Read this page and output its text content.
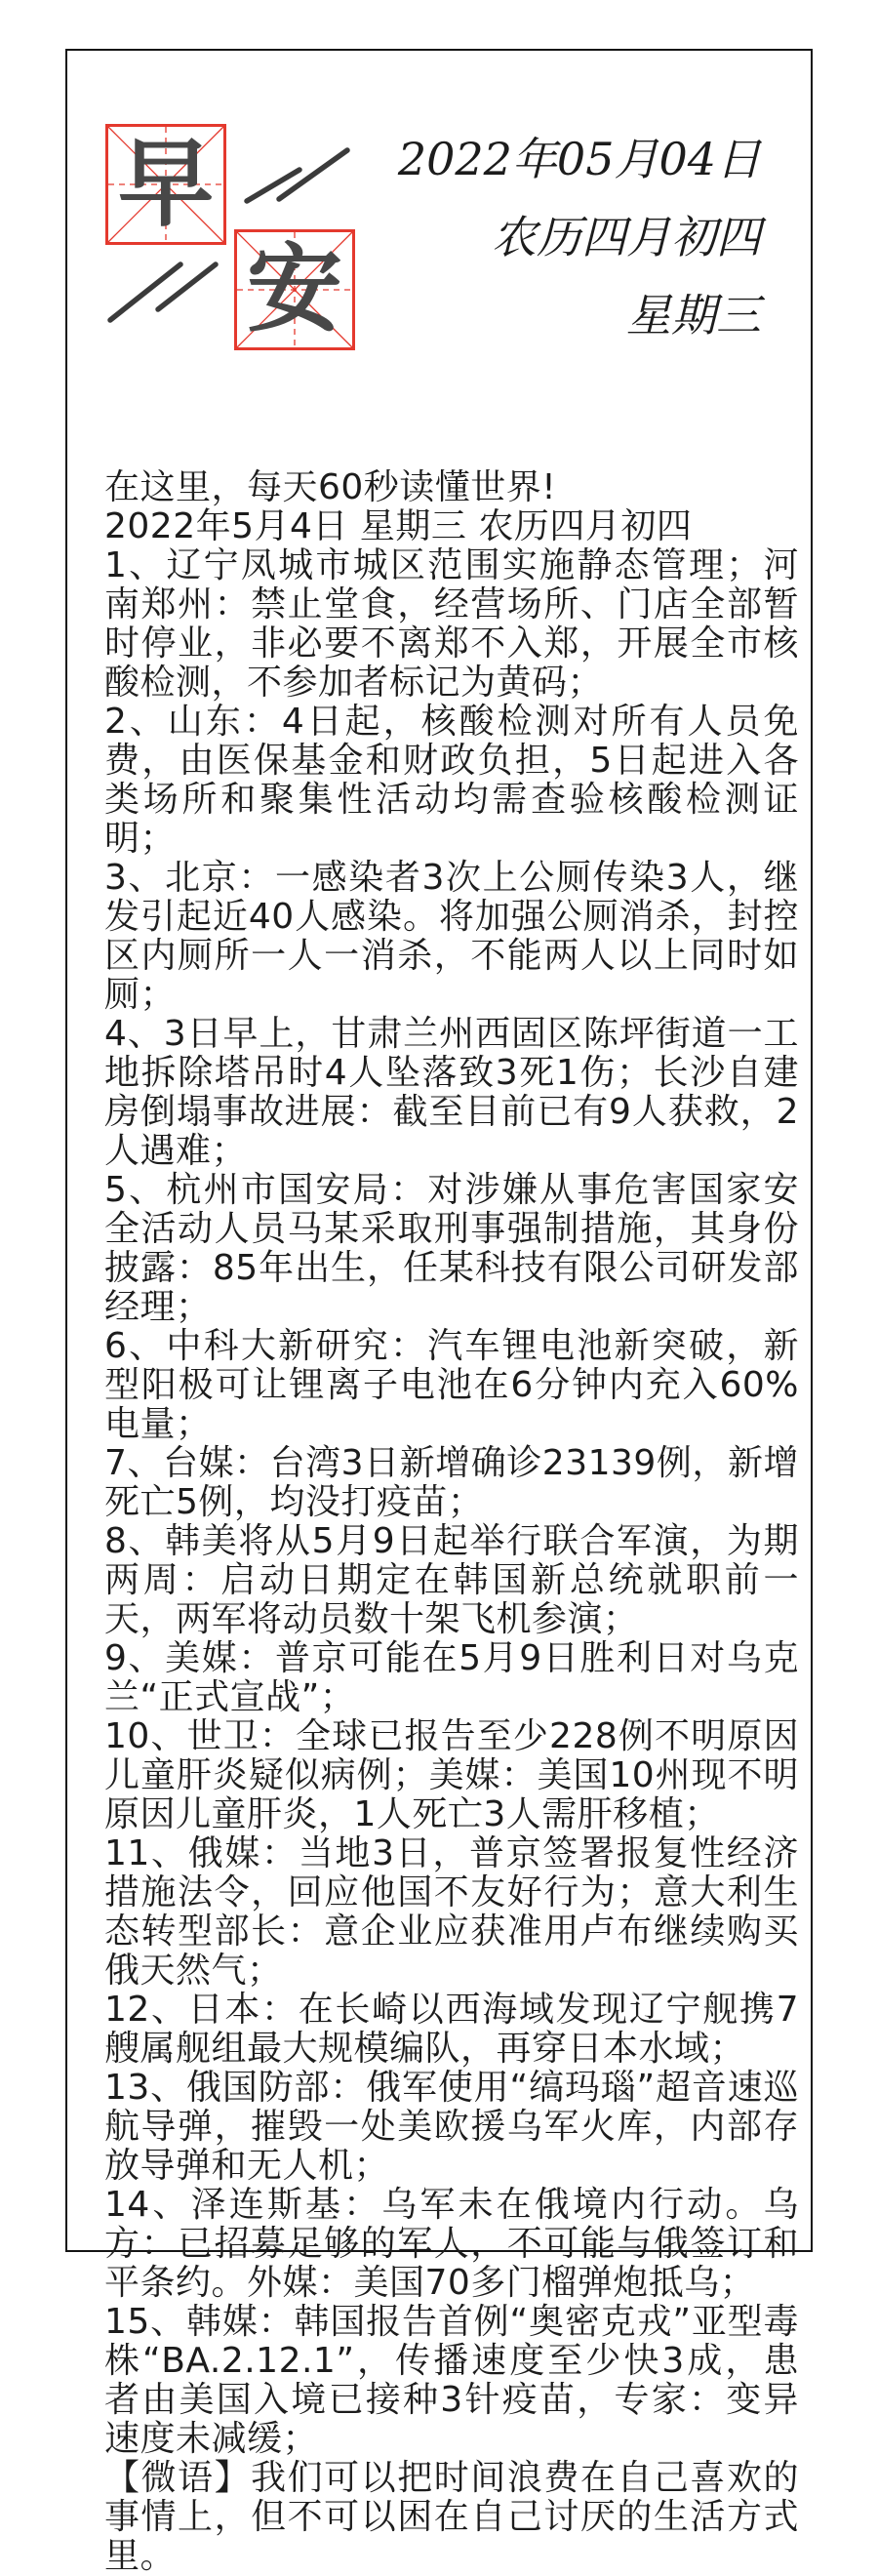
早
安
2022年05月04日
农历四月初四
星期三

在这里，每天60秒读懂世界!

2022年5月4日 星期三 农历四月初四

1、辽宁凤城市城区范围实施静态管理；河南郑州：禁止堂食，经营场所、门店全部暂时停业，非必要不离郑不入郑，开展全市核酸检测，不参加者标记为黄码；

2、山东：4日起，核酸检测对所有人员免费，由医保基金和财政负担，5日起进入各类场所和聚集性活动均需查验核酸检测证明；

3、北京：一感染者3次上公厕传染3人，继发引起近40人感染。将加强公厕消杀，封控区内厕所一人一消杀，不能两人以上同时如厕；

4、3日早上，甘肃兰州西固区陈坪街道一工地拆除塔吊时4人坠落致3死1伤；长沙自建房倒塌事故进展：截至目前已有9人获救，2人遇难；

5、杭州市国安局：对涉嫌从事危害国家安全活动人员马某采取刑事强制措施，其身份披露：85年出生，任某科技有限公司研发部经理；

6、中科大新研究：汽车锂电池新突破，新型阳极可让锂离子电池在6分钟内充入60%电量；

7、台媒：台湾3日新增确诊23139例，新增死亡5例，均没打疫苗；

8、韩美将从5月9日起举行联合军演，为期两周：启动日期定在韩国新总统就职前一天，两军将动员数十架飞机参演；

9、美媒：普京可能在5月9日胜利日对乌克兰“正式宣战”；

10、世卫：全球已报告至少228例不明原因儿童肝炎疑似病例；美媒：美国10州现不明原因儿童肝炎，1人死亡3人需肝移植；

11、俄媒：当地3日，普京签署报复性经济措施法令，回应他国不友好行为；意大利生态转型部长：意企业应获准用卢布继续购买俄天然气；

12、日本：在长崎以西海域发现辽宁舰携7艘属舰组最大规模编队，再穿日本水域；

13、俄国防部：俄军使用“缟玛瑙”超音速巡航导弹，摧毁一处美欧援乌军火库，内部存放导弹和无人机；

14、泽连斯基：乌军未在俄境内行动。乌方：已招募足够的军人，不可能与俄签订和平条约。外媒：美国70多门榴弹炮抵乌；

15、韩媒：韩国报告首例“奥密克戎”亚型毒株“BA.2.12.1”，传播速度至少快3成，患者由美国入境已接种3针疫苗，专家：变异速度未减缓；

【微语】我们可以把时间浪费在自己喜欢的事情上，但不可以困在自己讨厌的生活方式里。
